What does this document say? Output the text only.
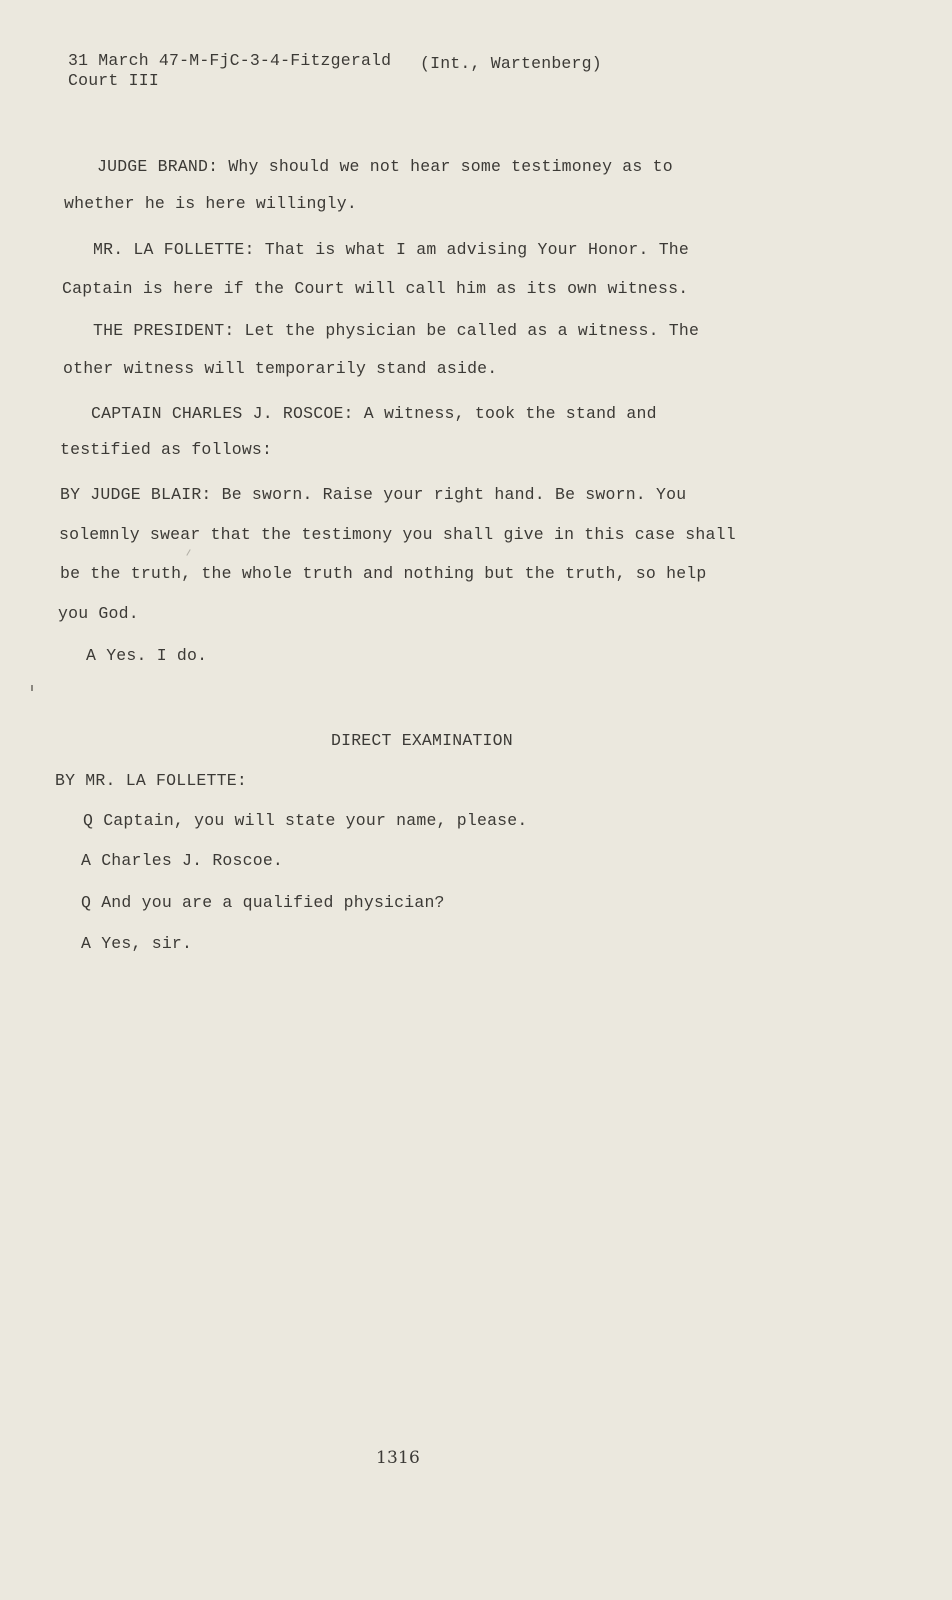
31 March 47-M-FjC-3-4-Fitzgerald (Int., Wartenberg)

Court III

JUDGE BRAND: Why should we not hear some testimoney as to

whether he is here willingly.

MR. LA FOLLETTE: That is what I am advising Your Honor. The

Captain is here if the Court will call him as its own witness.

THE PRESIDENT: Let the physician be called as a witness. The

other witness will temporarily stand aside.

CAPTAIN CHARLES J. ROSCOE: A witness, took the stand and

testified as follows:

BY JUDGE BLAIR: Be sworn. Raise your right hand. Be sworn. You

solemnly swear that the testimony you shall give in this case shall

be the truth, the whole truth and nothing but the truth, so help

you God.

A Yes. I do.

DIRECT EXAMINATION

BY MR. LA FOLLETTE:

Q Captain, you will state your name, please.

A Charles J. Roscoe.

Q And you are a qualified physician?

A Yes, sir.

1316
